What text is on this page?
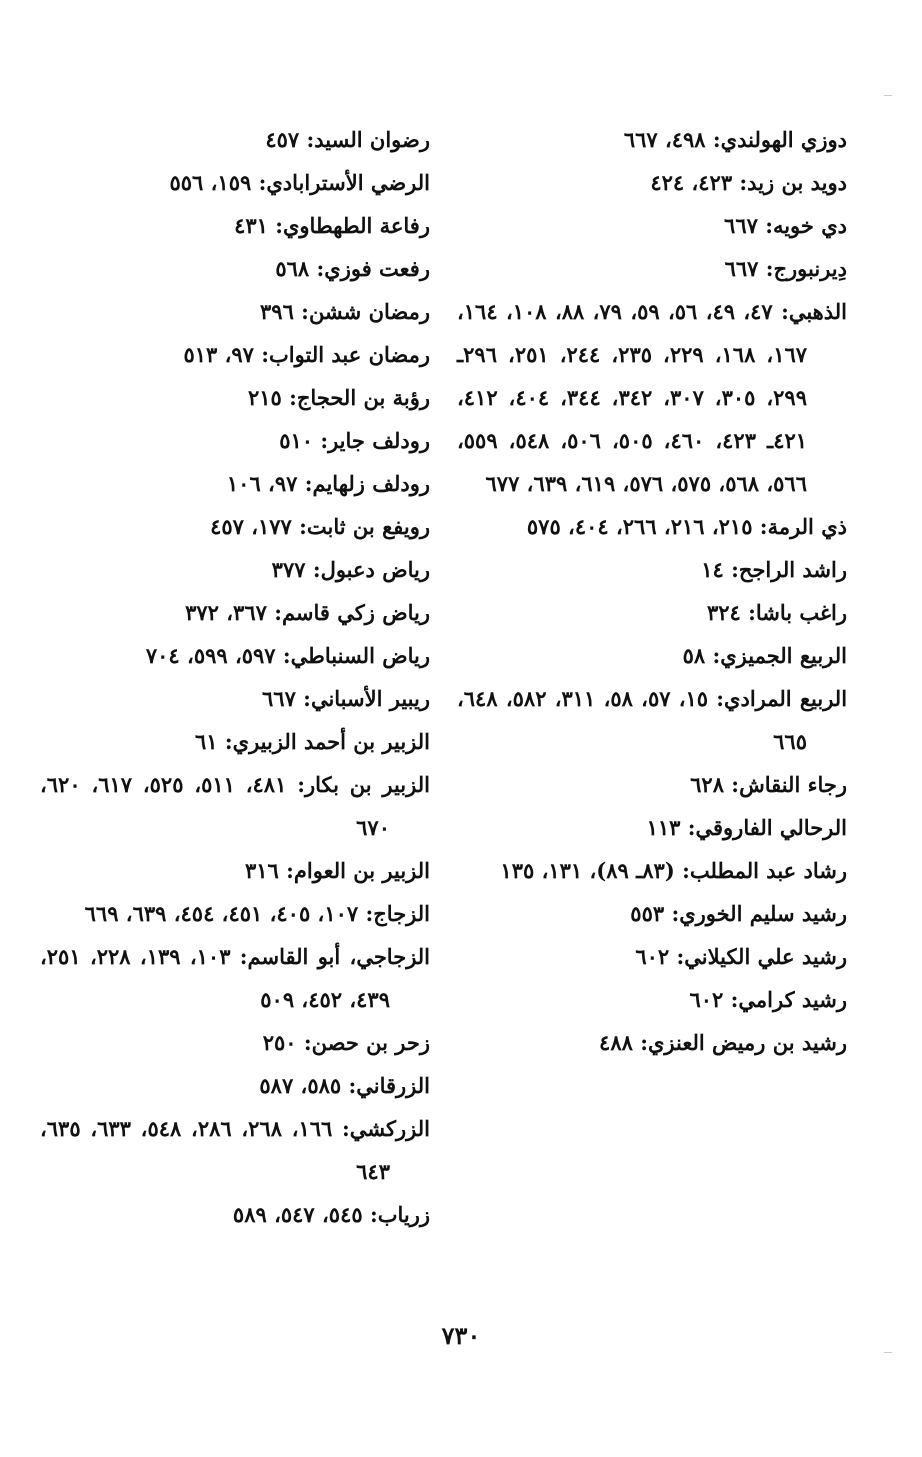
دوزي الهولندي: ٤٩٨، ٦٦٧

دويد بن زيد: ٤٢٣، ٤٢٤

دي خويه: ٦٦٧

دِيرنبورج: ٦٦٧

الذهبي: ٤٧، ٤٩، ٥٦، ٥٩، ٧٩، ٨٨، ١٠٨، ١٦٤، ١٦٧، ١٦٨، ٢٢٩، ٢٣٥، ٢٤٤، ٢٥١، ٢٩٦ـ ٢٩٩، ٣٠٥، ٣٠٧، ٣٤٢، ٣٤٤، ٤٠٤، ٤١٢، ٤٢١ـ ٤٢٣، ٤٦٠، ٥٠٥، ٥٠٦، ٥٤٨، ٥٥٩، ٥٦٦، ٥٦٨، ٥٧٥، ٥٧٦، ٦١٩، ٦٣٩، ٦٧٧

ذي الرمة: ٢١٥، ٢١٦، ٢٦٦، ٤٠٤، ٥٧٥

راشد الراجح: ١٤

راغب باشا: ٣٢٤

الربيع الجميزي: ٥٨

الربيع المرادي: ١٥، ٥٧، ٥٨، ٣١١، ٥٨٢، ٦٤٨، ٦٦٥

رجاء النقاش: ٦٢٨

الرحالي الفاروقي: ١١٣

رشاد عبد المطلب: (٨٣ـ ٨٩)، ١٣١، ١٣٥

رشيد سليم الخوري: ٥٥٣

رشيد علي الكيلاني: ٦٠٢

رشيد كرامي: ٦٠٢

رشيد بن رميض العنزي: ٤٨٨

رضوان السيد: ٤٥٧

الرضي الأسترابادي: ١٥٩، ٥٥٦

رفاعة الطهطاوي: ٤٣١

رفعت فوزي: ٥٦٨

رمضان ششن: ٣٩٦

رمضان عبد التواب: ٩٧، ٥١٣

رؤبة بن الحجاج: ٢١٥

رودلف جاير: ٥١٠

رودلف زلهايم: ٩٧، ١٠٦

رويفع بن ثابت: ١٧٧، ٤٥٧

رياض دعبول: ٣٧٧

رياض زكي قاسم: ٣٦٧، ٣٧٢

رياض السنباطي: ٥٩٧، ٥٩٩، ٧٠٤

ريبير الأسباني: ٦٦٧

الزبير بن أحمد الزبيري: ٦١

الزبير بن بكار: ٤٨١، ٥١١، ٥٢٥، ٦١٧، ٦٢٠، ٦٧٠

الزبير بن العوام: ٣١٦

الزجاج: ١٠٧، ٤٠٥، ٤٥١، ٤٥٤، ٦٣٩، ٦٦٩

الزجاجي، أبو القاسم: ١٠٣، ١٣٩، ٢٢٨، ٢٥١، ٤٣٩، ٤٥٢، ٥٠٩

زحر بن حصن: ٢٥٠

الزرقاني: ٥٨٥، ٥٨٧

الزركشي: ١٦٦، ٢٦٨، ٢٨٦، ٥٤٨، ٦٣٣، ٦٣٥، ٦٤٣

زرياب: ٥٤٥، ٥٤٧، ٥٨٩

٧٣٠
